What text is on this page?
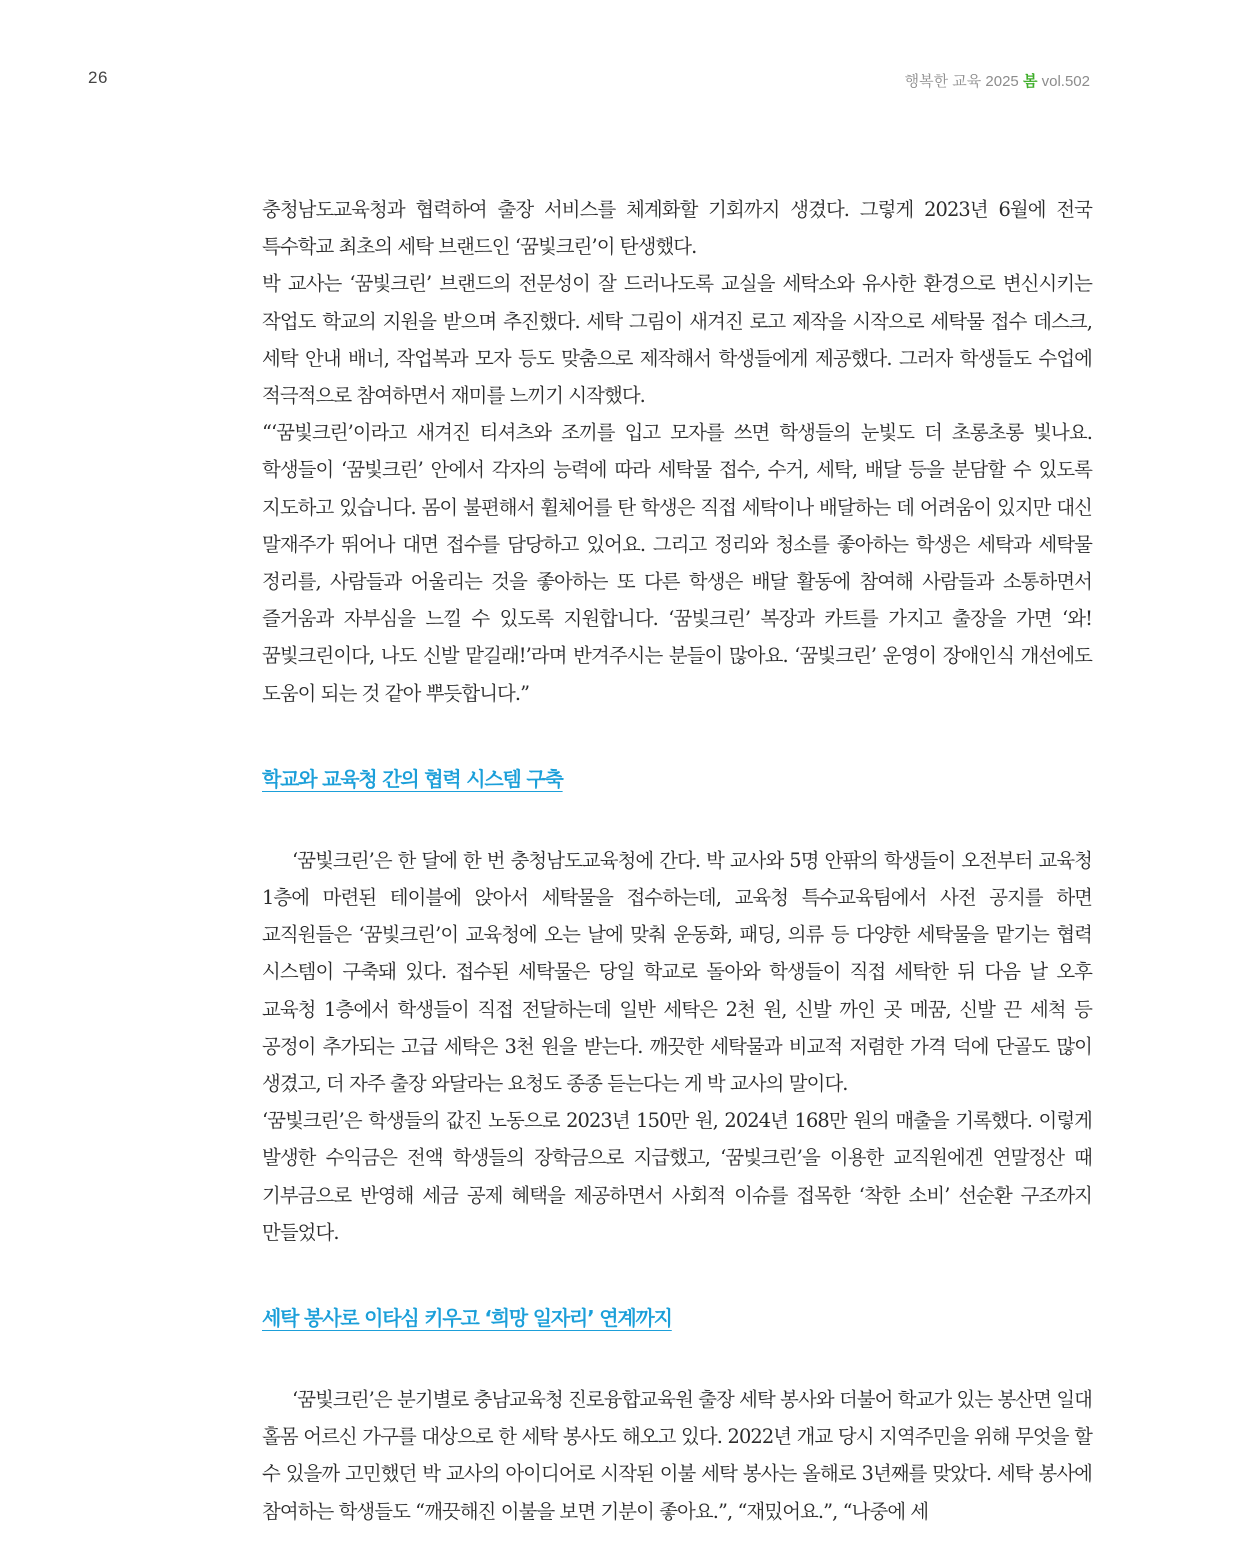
26	행복한 교육 2025 봄 vol.502

충청남도교육청과 협력하여 출장 서비스를 체계화할 기회까지 생겼다. 그렇게 2023년 6월에 전국 특수학교 최초의 세탁 브랜드인 ‘꿈빛크린’이 탄생했다.

박 교사는 ‘꿈빛크린’ 브랜드의 전문성이 잘 드러나도록 교실을 세탁소와 유사한 환경으로 변신시키는 작업도 학교의 지원을 받으며 추진했다. 세탁 그림이 새겨진 로고 제작을 시작으로 세탁물 접수 데스크, 세탁 안내 배너, 작업복과 모자 등도 맞춤으로 제작해서 학생들에게 제공했다. 그러자 학생들도 수업에 적극적으로 참여하면서 재미를 느끼기 시작했다.

“‘꿈빛크린’이라고 새겨진 티셔츠와 조끼를 입고 모자를 쓰면 학생들의 눈빛도 더 초롱초롱 빛나요. 학생들이 ‘꿈빛크린’ 안에서 각자의 능력에 따라 세탁물 접수, 수거, 세탁, 배달 등을 분담할 수 있도록 지도하고 있습니다. 몸이 불편해서 휠체어를 탄 학생은 직접 세탁이나 배달하는 데 어려움이 있지만 대신 말재주가 뛰어나 대면 접수를 담당하고 있어요. 그리고 정리와 청소를 좋아하는 학생은 세탁과 세탁물 정리를, 사람들과 어울리는 것을 좋아하는 또 다른 학생은 배달 활동에 참여해 사람들과 소통하면서 즐거움과 자부심을 느낄 수 있도록 지원합니다. ‘꿈빛크린’ 복장과 카트를 가지고 출장을 가면 ‘와! 꿈빛크린이다, 나도 신발 맡길래!’라며 반겨주시는 분들이 많아요. ‘꿈빛크린’ 운영이 장애인식 개선에도 도움이 되는 것 같아 뿌듯합니다.”

학교와 교육청 간의 협력 시스템 구축

‘꿈빛크린’은 한 달에 한 번 충청남도교육청에 간다. 박 교사와 5명 안팎의 학생들이 오전부터 교육청 1층에 마련된 테이블에 앉아서 세탁물을 접수하는데, 교육청 특수교육팀에서 사전 공지를 하면 교직원들은 ‘꿈빛크린’이 교육청에 오는 날에 맞춰 운동화, 패딩, 의류 등 다양한 세탁물을 맡기는 협력 시스템이 구축돼 있다. 접수된 세탁물은 당일 학교로 돌아와 학생들이 직접 세탁한 뒤 다음 날 오후 교육청 1층에서 학생들이 직접 전달하는데 일반 세탁은 2천 원, 신발 까인 곳 메꿈, 신발 끈 세척 등 공정이 추가되는 고급 세탁은 3천 원을 받는다. 깨끗한 세탁물과 비교적 저렴한 가격 덕에 단골도 많이 생겼고, 더 자주 출장 와달라는 요청도 종종 듣는다는 게 박 교사의 말이다.

‘꿈빛크린’은 학생들의 값진 노동으로 2023년 150만 원, 2024년 168만 원의 매출을 기록했다. 이렇게 발생한 수익금은 전액 학생들의 장학금으로 지급했고, ‘꿈빛크린’을 이용한 교직원에겐 연말정산 때 기부금으로 반영해 세금 공제 혜택을 제공하면서 사회적 이슈를 접목한 ‘착한 소비’ 선순환 구조까지 만들었다.

세탁 봉사로 이타심 키우고 ‘희망 일자리’ 연계까지

‘꿈빛크린’은 분기별로 충남교육청 진로융합교육원 출장 세탁 봉사와 더불어 학교가 있는 봉산면 일대 홀몸 어르신 가구를 대상으로 한 세탁 봉사도 해오고 있다. 2022년 개교 당시 지역주민을 위해 무엇을 할 수 있을까 고민했던 박 교사의 아이디어로 시작된 이불 세탁 봉사는 올해로 3년째를 맞았다. 세탁 봉사에 참여하는 학생들도 “깨끗해진 이불을 보면 기분이 좋아요.”, “재밌어요.”, “나중에 세
